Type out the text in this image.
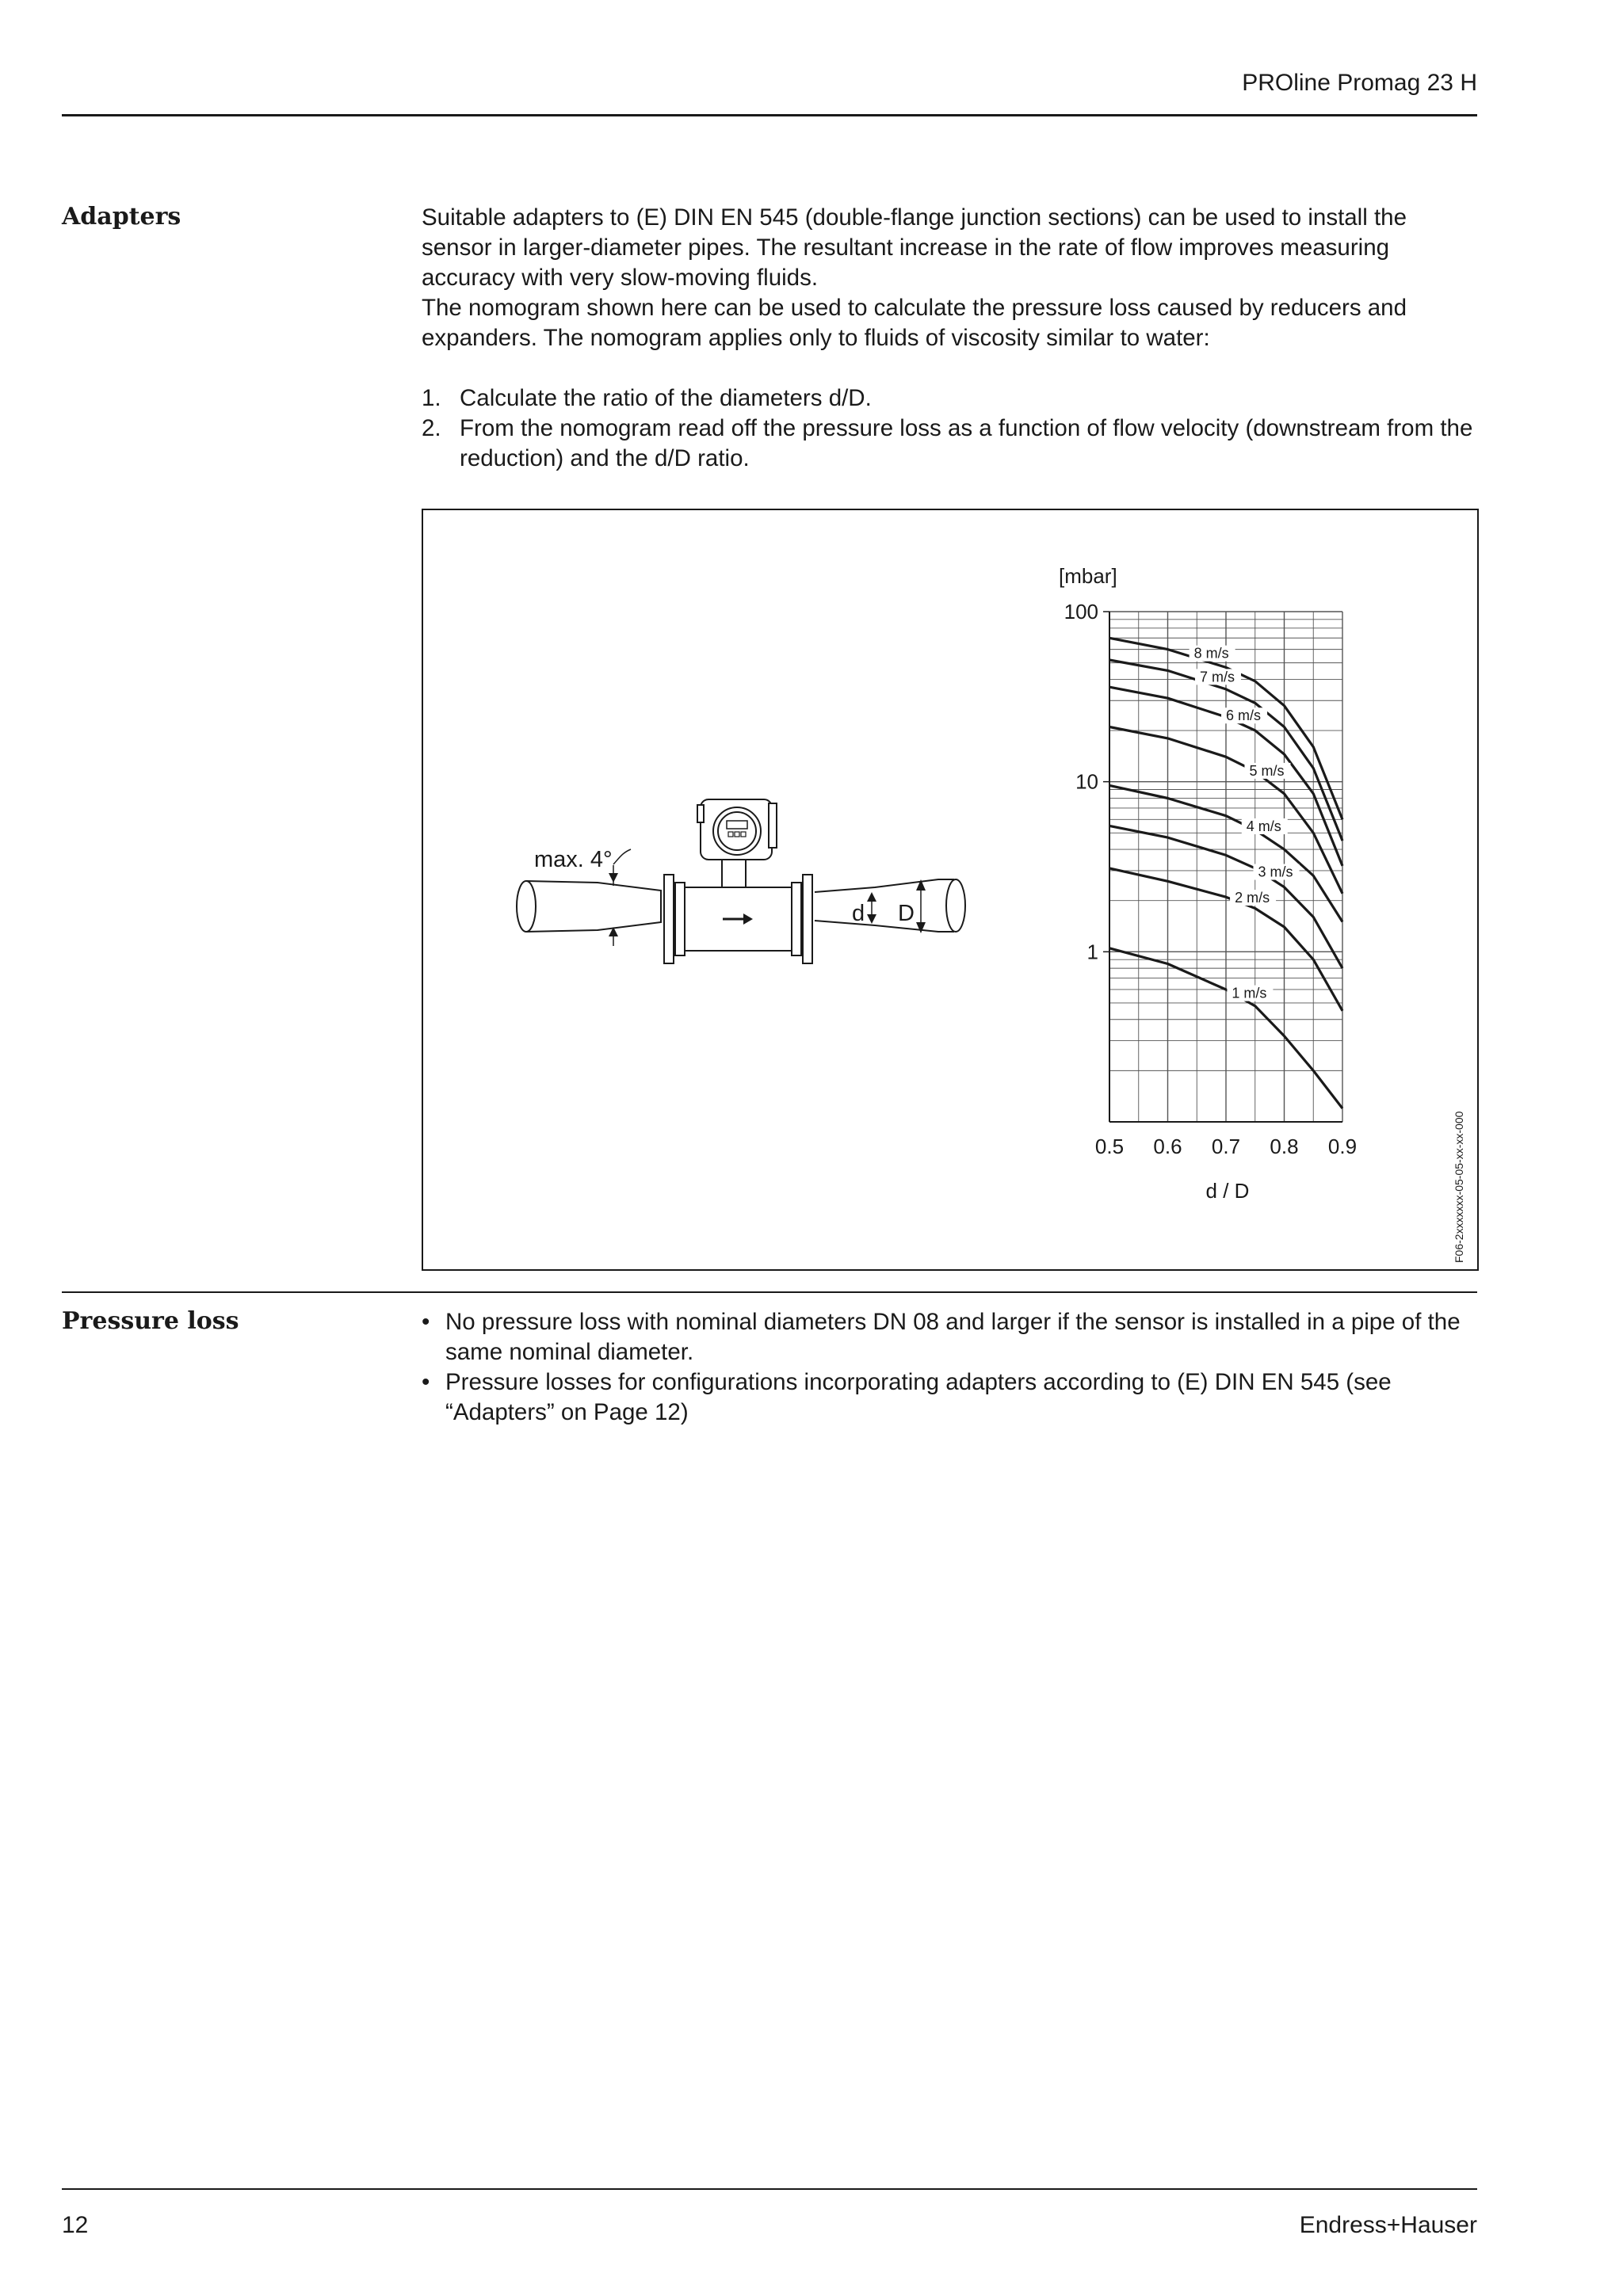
PROline Promag 23 H
Adapters	Suitable adapters to (E) DIN EN 545 (double-flange junction sections) can be used to install the sensor in larger-diameter pipes. The resultant increase in the rate of flow improves measuring accuracy with very slow-moving fluids.

The nomogram shown here can be used to calculate the pressure loss caused by reducers and expanders. The nomogram applies only to fluids of viscosity similar to water:

1. Calculate the ratio of the diameters d/D.
2. From the nomogram read off the pressure loss as a function of flow velocity (downstream from the reduction) and the d/D ratio.
max. 4°
d D
1
10
100
0.5 0.6 0.7 0.8 0.9
[mbar]
d / D
8 m/s
7 m/s
6 m/s
5 m/s
4 m/s
3 m/s
2 m/s
1 m/s
F06-2xxxxxxx-05-05-xx-xx-000
Pressure loss	• No pressure loss with nominal diameters DN 08 and larger if the sensor is installed in a pipe of the same nominal diameter.
• Pressure losses for configurations incorporating adapters according to (E) DIN EN 545 (see “Adapters” on Page 12)
12	Endress+Hauser
